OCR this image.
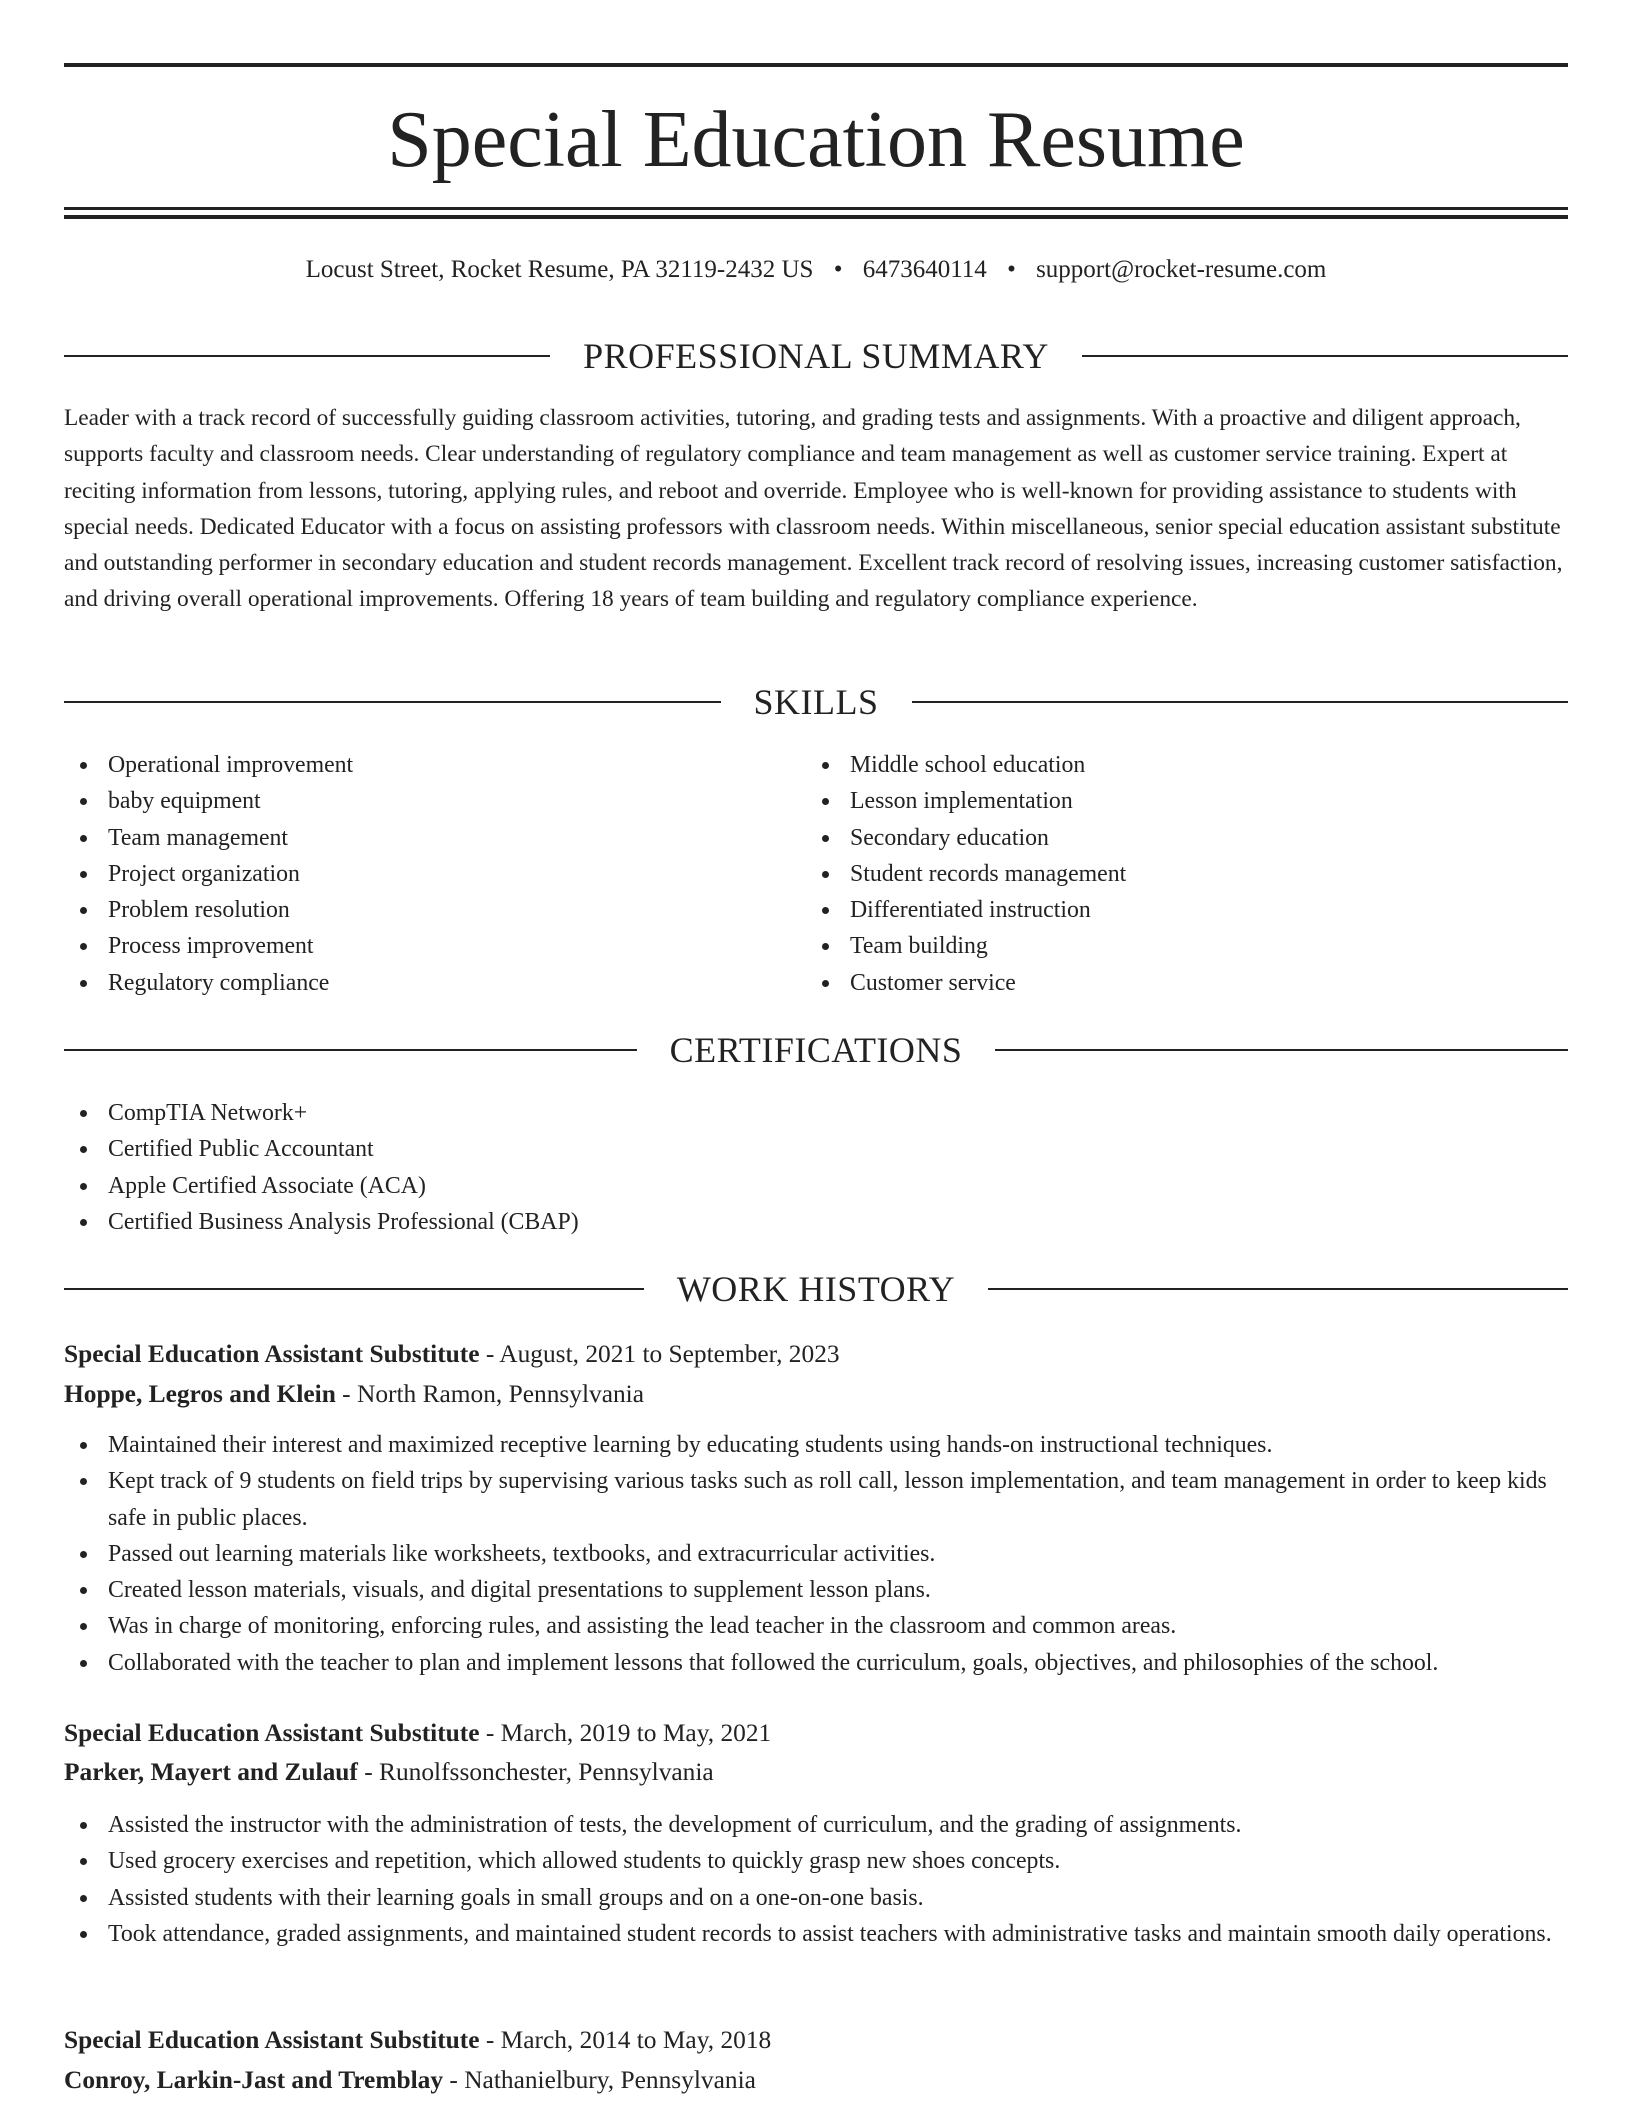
Special Education Resume
Locust Street, Rocket Resume, PA 32119-2432 US • 6473640114 • support@rocket-resume.com
PROFESSIONAL SUMMARY

Leader with a track record of successfully guiding classroom activities, tutoring, and grading tests and assignments. With a proactive and diligent approach, supports faculty and classroom needs. Clear understanding of regulatory compliance and team management as well as customer service training. Expert at reciting information from lessons, tutoring, applying rules, and reboot and override. Employee who is well-known for providing assistance to students with special needs. Dedicated Educator with a focus on assisting professors with classroom needs. Within miscellaneous, senior special education assistant substitute and outstanding performer in secondary education and student records management. Excellent track record of resolving issues, increasing customer satisfaction, and driving overall operational improvements. Offering 18 years of team building and regulatory compliance experience.

SKILLS
Operational improvement
baby equipment
Team management
Project organization
Problem resolution
Process improvement
Regulatory compliance
Middle school education
Lesson implementation
Secondary education
Student records management
Differentiated instruction
Team building
Customer service
CERTIFICATIONS
CompTIA Network+
Certified Public Accountant
Apple Certified Associate (ACA)
Certified Business Analysis Professional (CBAP)
WORK HISTORY
Special Education Assistant Substitute - August, 2021 to September, 2023
Hoppe, Legros and Klein - North Ramon, Pennsylvania
Maintained their interest and maximized receptive learning by educating students using hands-on instructional techniques.
Kept track of 9 students on field trips by supervising various tasks such as roll call, lesson implementation, and team management in order to keep kids safe in public places.
Passed out learning materials like worksheets, textbooks, and extracurricular activities.
Created lesson materials, visuals, and digital presentations to supplement lesson plans.
Was in charge of monitoring, enforcing rules, and assisting the lead teacher in the classroom and common areas.
Collaborated with the teacher to plan and implement lessons that followed the curriculum, goals, objectives, and philosophies of the school.
Special Education Assistant Substitute - March, 2019 to May, 2021
Parker, Mayert and Zulauf - Runolfssonchester, Pennsylvania
Assisted the instructor with the administration of tests, the development of curriculum, and the grading of assignments.
Used grocery exercises and repetition, which allowed students to quickly grasp new shoes concepts.
Assisted students with their learning goals in small groups and on a one-on-one basis.
Took attendance, graded assignments, and maintained student records to assist teachers with administrative tasks and maintain smooth daily operations.
Special Education Assistant Substitute - March, 2014 to May, 2018
Conroy, Larkin-Jast and Tremblay - Nathanielbury, Pennsylvania
